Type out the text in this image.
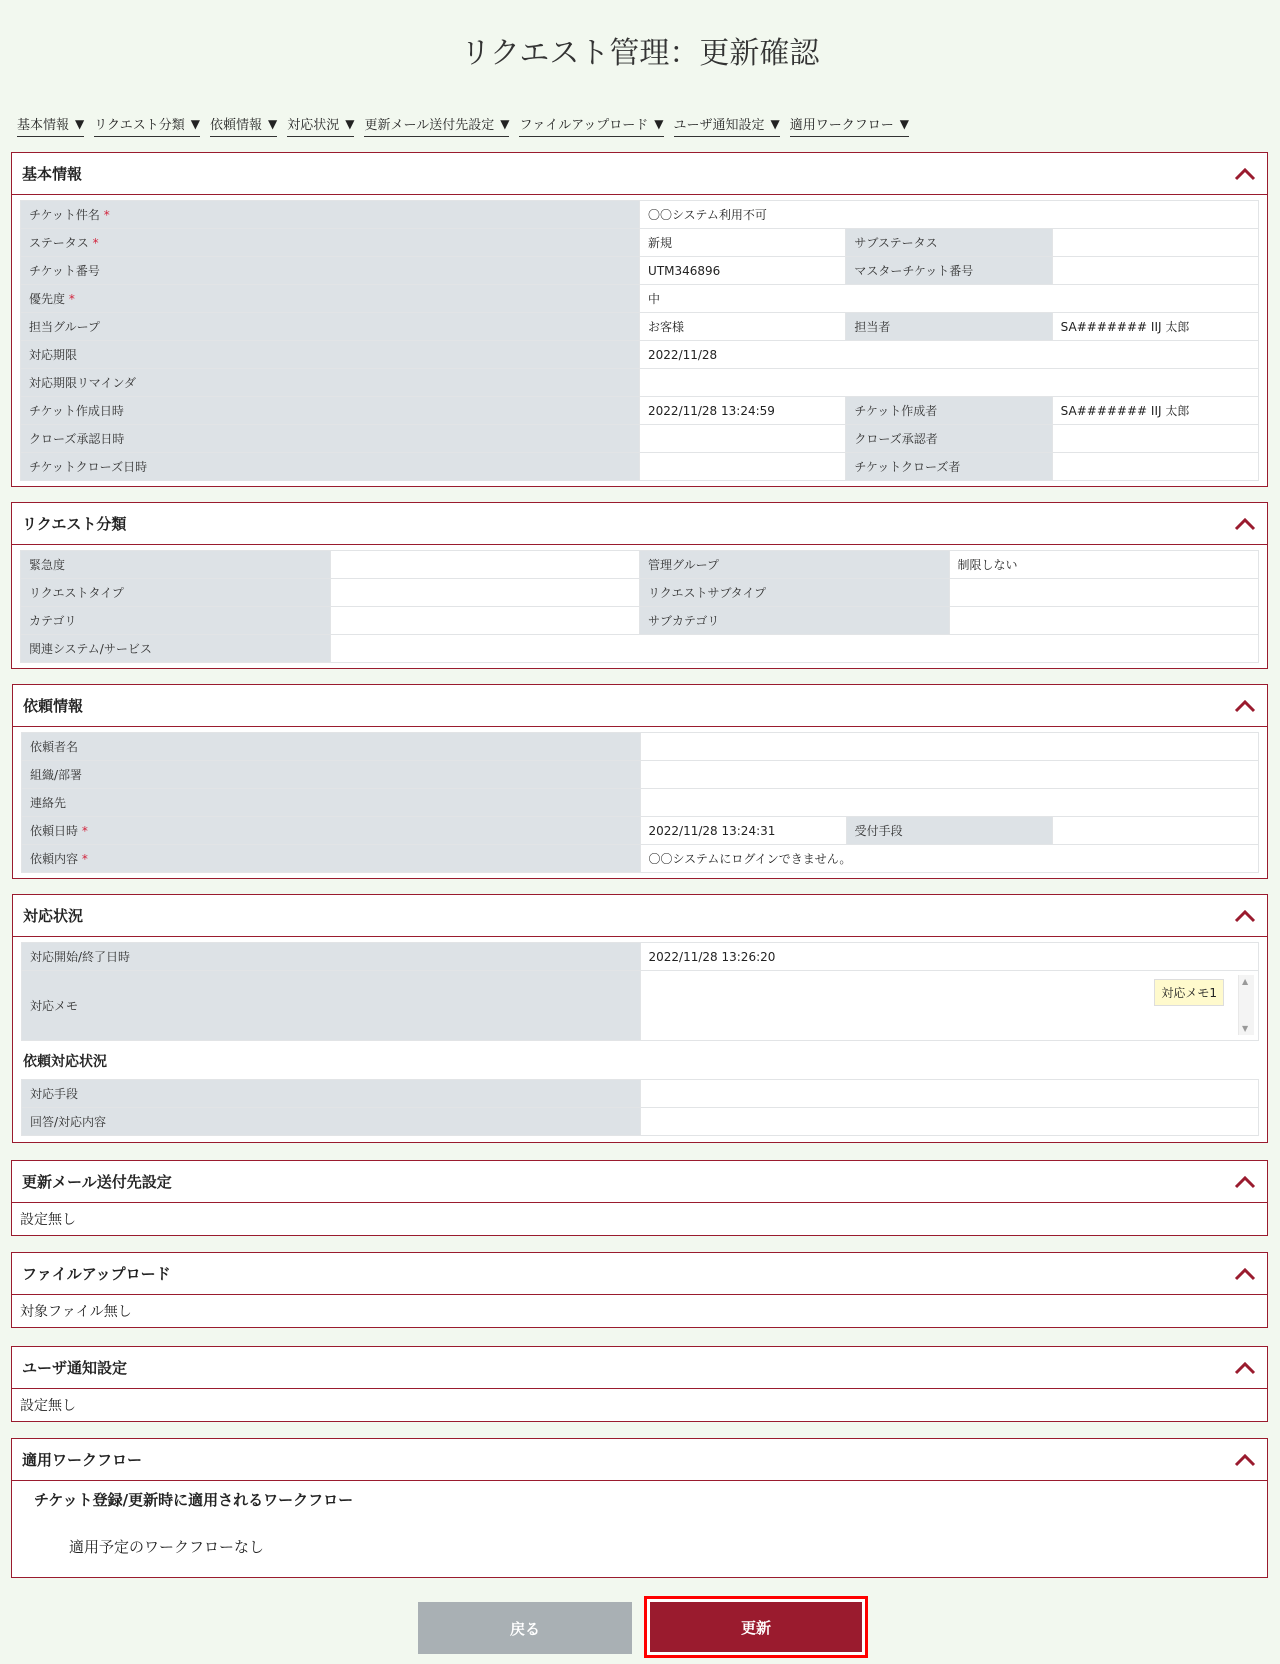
リクエスト管理：更新確認
基本情報 ▼ リクエスト分類 ▼ 依頼情報 ▼ 対応状況 ▼ 更新メール送付先設定 ▼ ファイルアップロード ▼ ユーザ通知設定 ▼ 適用ワークフロー ▼
基本情報
チケット件名 *	〇〇システム利用不可		
ステータス *	新規	サブステータス	
チケット番号	UTM346896	マスターチケット番号	
優先度 *	中		
担当グループ	お客様	担当者	SA####### IIJ 太郎
対応期限	2022/11/28		
対応期限リマインダ			
チケット作成日時	2022/11/28 13:24:59	チケット作成者	SA####### IIJ 太郎
クローズ承認日時		クローズ承認者	
チケットクローズ日時		チケットクローズ者	
リクエスト分類
緊急度		管理グループ	制限しない
リクエストタイプ		リクエストサブタイプ	
カテゴリ		サブカテゴリ	
関連システム/サービス			
依頼情報
依頼者名			
組織/部署			
連絡先			
依頼日時 *	2022/11/28 13:24:31	受付手段	
依頼内容 *	〇〇システムにログインできません。		
対応状況
対応開始/終了日時	2022/11/28 13:26:20
対応メモ	対応メモ1
▲
▼
依頼対応状況
対応手段	
回答/対応内容	
更新メール送付先設定
設定無し
ファイルアップロード
対象ファイル無し
ユーザ通知設定
設定無し
適用ワークフロー
チケット登録/更新時に適用されるワークフロー
適用予定のワークフローなし
戻る	更新
